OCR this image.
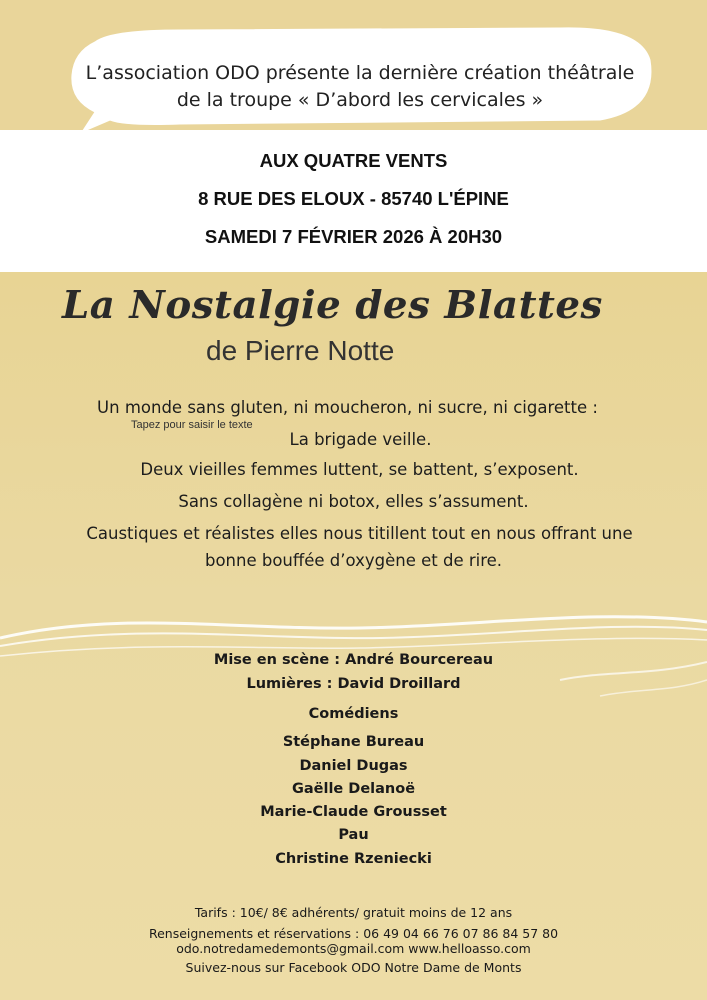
L’association ODO présente la dernière création théâtrale
de la troupe « D’abord les cervicales »
AUX QUATRE VENTS
8 RUE DES ELOUX - 85740 L'ÉPINE
SAMEDI 7 FÉVRIER 2026 À 20H30
La Nostalgie des Blattes
de Pierre Notte
Un monde sans gluten, ni moucheron, ni sucre, ni cigarette :
Tapez pour saisir le texte
La brigade veille.
Deux vieilles femmes luttent, se battent, s’exposent.
Sans collagène ni botox, elles s’assument.
Caustiques et réalistes elles nous titillent tout en nous offrant une
bonne bouffée d’oxygène et de rire.
Mise en scène : André Bourcereau
Lumières : David Droillard
Comédiens
Stéphane Bureau
Daniel Dugas
Gaëlle Delanoë
Marie-Claude Grousset
Pau
Christine Rzeniecki
Tarifs : 10€/ 8€ adhérents/ gratuit moins de 12 ans
Renseignements et réservations : 06 49 04 66 76 07 86 84 57 80
odo.notredamedemonts@gmail.com www.helloasso.com
Suivez-nous sur Facebook ODO Notre Dame de Monts
